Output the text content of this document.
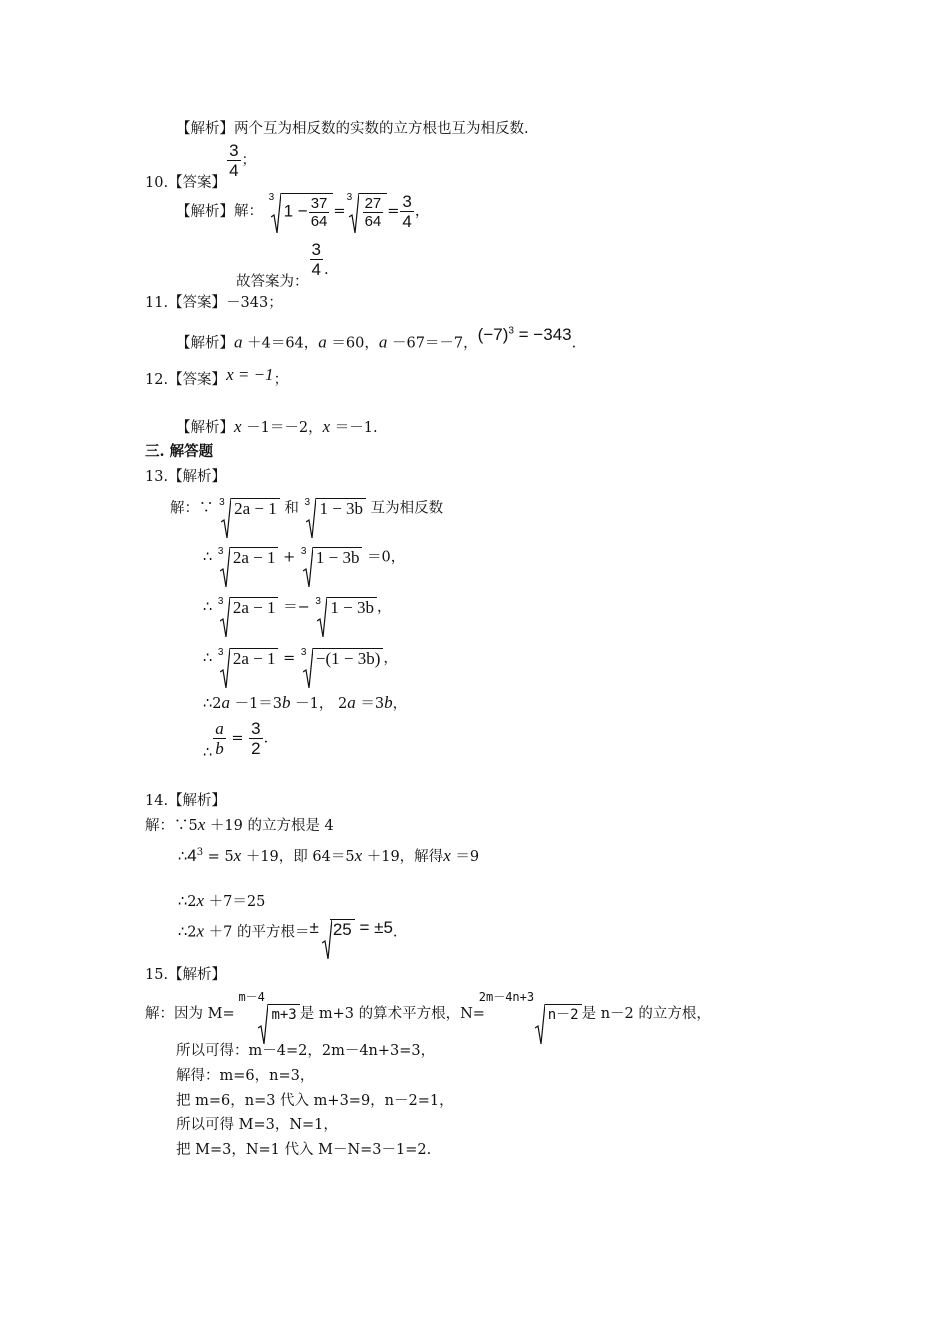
【解析】两个互为相反数的实数的立方根也互为相反数.
10.【答案】
$\frac{3}{4}$ ；
【解析】解：
3
$1 - \frac{37}{64}$ =
$3 \frac{27}{64} = \frac{3}{4}$ ，
故答案为：
$\frac{3}{4}$ .
11.【答案】－343；
【解析】a ＋4＝64，a ＝60，a －67＝－7，$(-7)^3 = -343$.
12.【答案】x = −1；
【解析】x －1＝－2，x ＝－1.
三. 解答题
13.【解析】
解：∵ 3 2a − 1 和 3 1 − 3b 互为相反数
∴ 3 2a − 1 + 3 1 − 3b ＝0，
∴ 3 2a − 1 ＝− 3 1 − 3b ，
∴ 3 2a − 1 = 3 −(1 − 3b) ，
∴2a －1＝3b －1， 2a ＝3b，
∴ $\frac{a}{b} = \frac{3}{2}$ .
14.【解析】
解：∵5x ＋19 的立方根是 4
$\therefore 4^3 = 5x +19$，即 64＝5x ＋19，解得x ＝9
∴2x ＋7＝25
∴2x ＋7 的平方根＝± 25 = ±5.
15.【解析】
解：因为 M=
m－4
m+3 是 m+3 的算术平方根，N=
2m－4n+3
n－2 是 n－2 的立方根，
所以可得：m－4=2，2m－4n+3=3，
解得：m=6，n=3，
把 m=6，n=3 代入 m+3=9，n－2=1，
所以可得 M=3，N=1，
把 M=3，N=1 代入 M－N=3－1=2.
